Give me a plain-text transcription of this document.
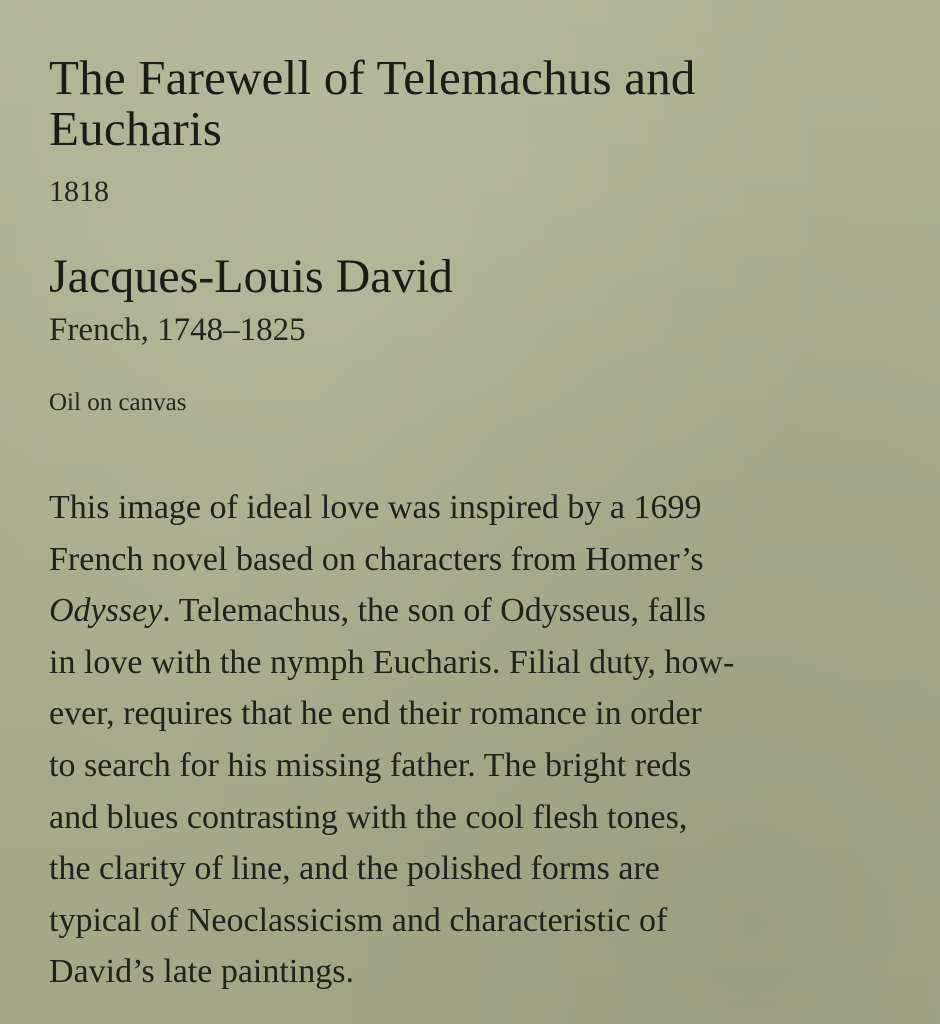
The Farewell of Telemachus and Eucharis

1818

Jacques-Louis David

French, 1748–1825

Oil on canvas

This image of ideal love was inspired by a 1699
French novel based on characters from Homer’s
Odyssey. Telemachus, the son of Odysseus, falls
in love with the nymph Eucharis. Filial duty, how-
ever, requires that he end their romance in order
to search for his missing father. The bright reds
and blues contrasting with the cool flesh tones,
the clarity of line, and the polished forms are
typical of Neoclassicism and characteristic of
David’s late paintings.
